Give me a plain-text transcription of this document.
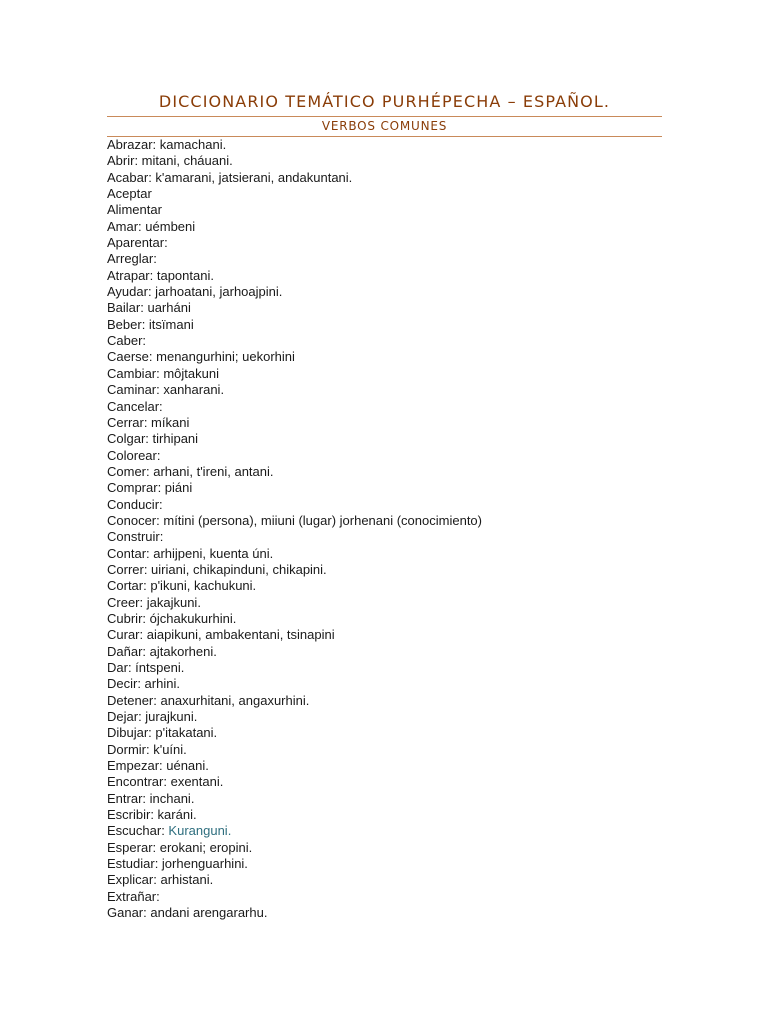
DICCIONARIO TEMÁTICO PURHÉPECHA – ESPAÑOL.
VERBOS COMUNES
Abrazar: kamachani.
Abrir: mitani, cháuani.
Acabar: k'amarani, jatsierani, andakuntani.
Aceptar
Alimentar
Amar: uémbeni
Aparentar:
Arreglar:
Atrapar: tapontani.
Ayudar: jarhoatani, jarhoajpini.
Bailar: uarháni
Beber: itsïmani
Caber:
Caerse: menangurhini; uekorhini
Cambiar: môjtakuni
Caminar: xanharani.
Cancelar:
Cerrar: míkani
Colgar: tirhipani
Colorear:
Comer: arhani, t'ireni, antani.
Comprar: piáni
Conducir:
Conocer: mítini (persona), miiuni (lugar) jorhenani (conocimiento)
Construir:
Contar: arhijpeni, kuenta úni.
Correr: uiriani, chikapinduni, chikapini.
Cortar: p'ikuni, kachukuni.
Creer: jakajkuni.
Cubrir: ójchakukurhini.
Curar: aiapikuni, ambakentani, tsinapini
Dañar: ajtakorheni.
Dar: íntspeni.
Decir: arhini.
Detener: anaxurhitani, angaxurhini.
Dejar: jurajkuni.
Dibujar: p'itakatani.
Dormir: k'uíni.
Empezar: uénani.
Encontrar: exentani.
Entrar: inchani.
Escribir: karáni.
Escuchar: Kuranguni.
Esperar: erokani; eropini.
Estudiar: jorhenguarhini.
Explicar: arhistani.
Extrañar:
Ganar: andani arengararhu.
